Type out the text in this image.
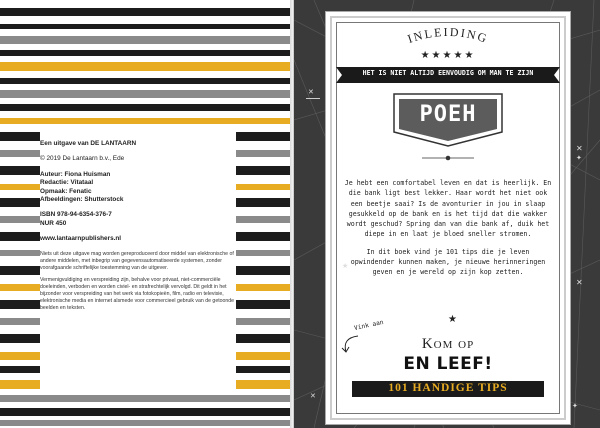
Een uitgave van DE LANTAARN

© 2019 De Lantaarn b.v., Ede

Auteur: Fiona Huisman

Redactie: Vitataal

Opmaak: Fenatic

Afbeeldingen: Shutterstock

ISBN 978-94-6354-376-7

NUR 450

www.lantaarnpublishers.nl

Niets uit deze uitgave mag worden gereproduceerd door middel van elektronische of andere middelen, met inbegrip van gegevensautomatiseerde systemen, zonder voorafgaande schriftelijke toestemming van de uitgever.

Vermenigvuldiging en verspreiding zijn, behalve voor privaat, niet-commerciële doeleinden, verboden en worden civiel- en strafrechtelijk vervolgd. Dit geldt in het bijzonder voor verspreiding van het werk via fotokopieën, film, radio en televisie, elektronische media en internet alsmede voor commercieel gebruik van de getoonde beelden en teksten.

INLEIDING
★★★★★
HET IS NIET ALTIJD EENVOUDIG OM MAN TE ZIJN
POEH

Je hebt een comfortabel leven en dat is heerlijk. En die bank ligt best lekker. Haar wordt het niet ook een beetje saai? Is de avonturier in jou in slaap gesukkeld op de bank en is het tijd dat die wakker wordt geschud? Spring dan van die bank af, duik het diepe in en laat je bloed sneller stromen.

In dit boek vind je 101 tips die je leven opwindender kunnen maken, je nieuwe herinneringen geven en je wereld op zijn kop zetten.

★
Vink aan
Kom op
EN LEEF!
101 HANDIGE TIPS
✕
✕
✦
★
✕
✕
✦
